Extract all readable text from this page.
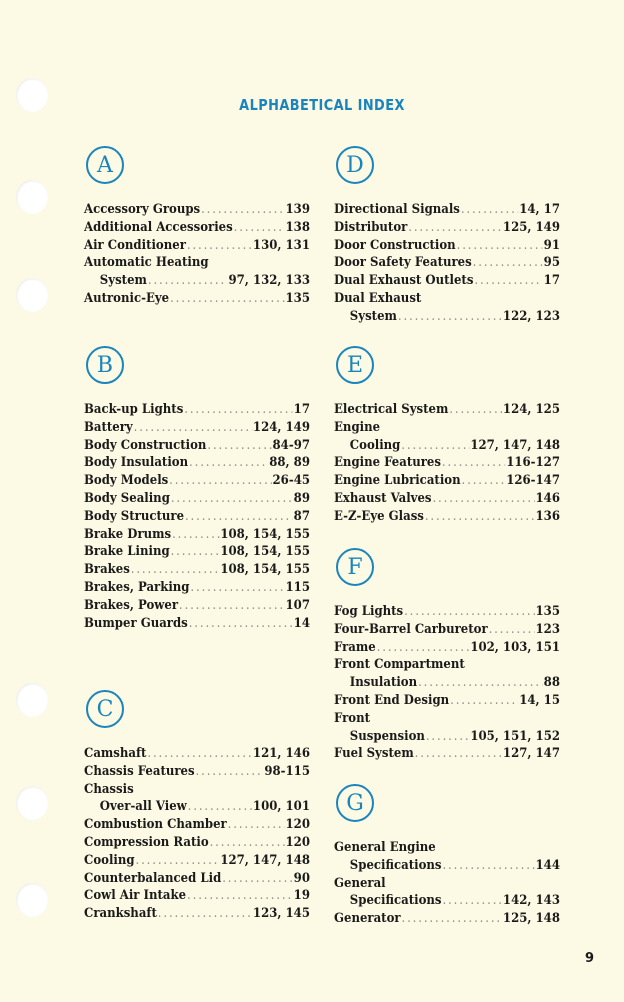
ALPHABETICAL INDEX
A
Accessory Groups .....	139
Additional Accessories .....	138
Air Conditioner .....	130, 131
Automatic Heating
System .....	97, 132, 133
Autronic-Eye .....	135
B
Back-up Lights .....	17
Battery .....	124, 149
Body Construction .....	84-97
Body Insulation .....	88, 89
Body Models .....	26-45
Body Sealing .....	89
Body Structure .....	87
Brake Drums .....	108, 154, 155
Brake Lining .....	108, 154, 155
Brakes .....	108, 154, 155
Brakes, Parking .....	115
Brakes, Power .....	107
Bumper Guards .....	14
C
Camshaft .....	121, 146
Chassis Features .....	98-115
Chassis
Over-all View .....	100, 101
Combustion Chamber .....	120
Compression Ratio .....	120
Cooling .....	127, 147, 148
Counterbalanced Lid .....	90
Cowl Air Intake .....	19
Crankshaft .....	123, 145
D
Directional Signals .....	14, 17
Distributor .....	125, 149
Door Construction .....	91
Door Safety Features .....	95
Dual Exhaust Outlets .....	17
Dual Exhaust
System .....	122, 123
E
Electrical System .....	124, 125
Engine
Cooling .....	127, 147, 148
Engine Features .....	116-127
Engine Lubrication .....	126-147
Exhaust Valves .....	146
E-Z-Eye Glass .....	136
F
Fog Lights .....	135
Four-Barrel Carburetor .....	123
Frame .....	102, 103, 151
Front Compartment
Insulation .....	88
Front End Design .....	14, 15
Front
Suspension .....	105, 151, 152
Fuel System .....	127, 147
G
General Engine
Specifications .....	144
General
Specifications .....	142, 143
Generator .....	125, 148
9
